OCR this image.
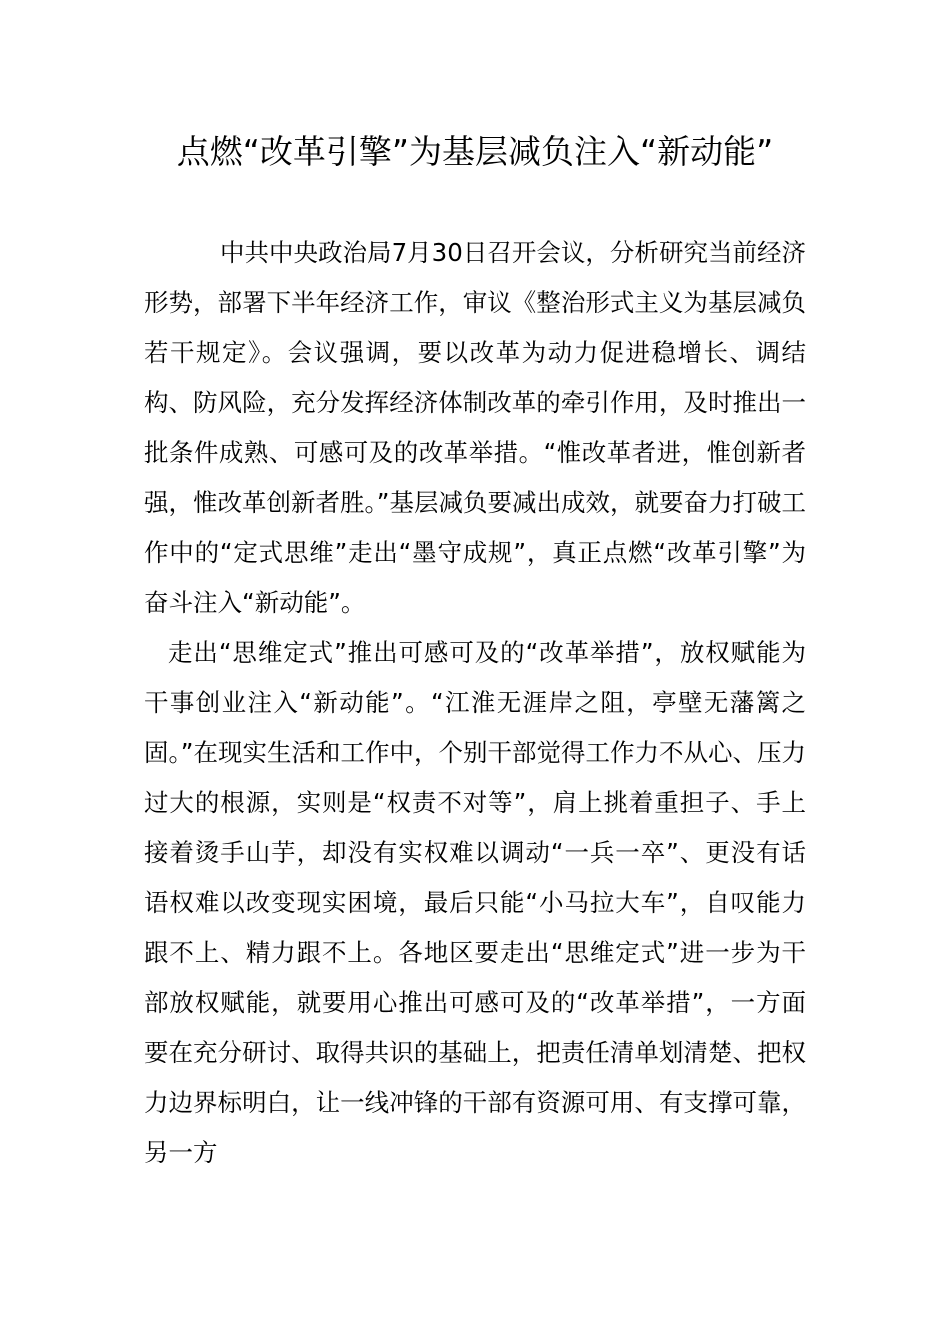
点燃“改革引擎”为基层减负注入“新动能”

中共中央政治局7月30日召开会议，分析研究当前经济形势，部署下半年经济工作，审议《整治形式主义为基层减负若干规定》。会议强调，要以改革为动力促进稳增长、调结构、防风险，充分发挥经济体制改革的牵引作用，及时推出一批条件成熟、可感可及的改革举措。“惟改革者进，惟创新者强，惟改革创新者胜。”基层减负要减出成效，就要奋力打破工作中的“定式思维”走出“墨守成规”，真正点燃“改革引擎”为奋斗注入“新动能”。

走出“思维定式”推出可感可及的“改革举措”，放权赋能为干事创业注入“新动能”。“江淮无涯岸之阻，亭壁无藩篱之固。”在现实生活和工作中，个别干部觉得工作力不从心、压力过大的根源，实则是“权责不对等”，肩上挑着重担子、手上接着烫手山芋，却没有实权难以调动“一兵一卒”、更没有话语权难以改变现实困境，最后只能“小马拉大车”，自叹能力跟不上、精力跟不上。各地区要走出“思维定式”进一步为干部放权赋能，就要用心推出可感可及的“改革举措”，一方面要在充分研讨、取得共识的基础上，把责任清单划清楚、把权力边界标明白，让一线冲锋的干部有资源可用、有支撑可靠，另一方
